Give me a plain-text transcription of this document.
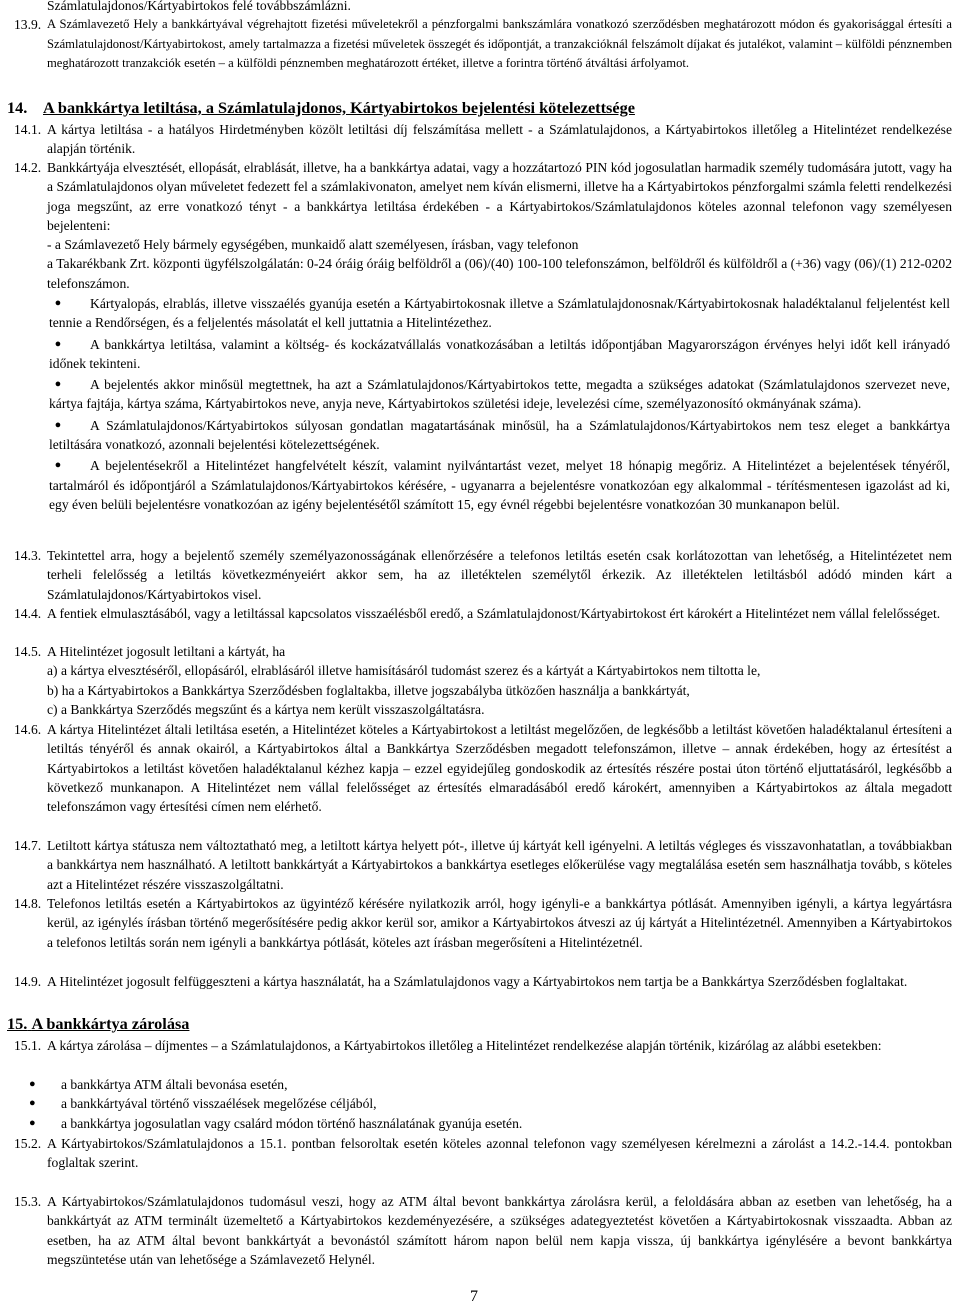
Számlatulajdonos/Kártyabirtokos felé továbbszámlázni.
13.9. A Számlavezető Hely a bankkártyával végrehajtott fizetési műveletekről a pénzforgalmi bankszámlára vonatkozó szerződésben meghatározott módon és gyakorisággal értesíti a Számlatulajdonost/Kártyabirtokost, amely tartalmazza a fizetési műveletek összegét és időpontját, a tranzakcióknál felszámolt díjakat és jutalékot, valamint – külföldi pénznemben meghatározott tranzakciók esetén – a külföldi pénznemben meghatározott értéket, illetve a forintra történő átváltási árfolyamot.
14. A bankkártya letiltása, a Számlatulajdonos, Kártyabirtokos bejelentési kötelezettsége
14.1. A kártya letiltása - a hatályos Hirdetményben közölt letiltási díj felszámítása mellett - a Számlatulajdonos, a Kártyabirtokos illetőleg a Hitelintézet rendelkezése alapján történik.
14.2. Bankkártyája elvesztését, ellopását, elrablását, illetve, ha a bankkártya adatai, vagy a hozzátartozó PIN kód jogosulatlan harmadik személy tudomására jutott, vagy ha a Számlatulajdonos olyan műveletet fedezett fel a számlakivonaton, amelyet nem kíván elismerni, illetve ha a Kártyabirtokos pénzforgalmi számla feletti rendelkezési joga megszűnt, az erre vonatkozó tényt - a bankkártya letiltása érdekében - a Kártyabirtokos/Számlatulajdonos köteles azonnal telefonon vagy személyesen bejelenteni:
- a Számlavezető Hely bármely egységében, munkaidő alatt személyesen, írásban, vagy telefonon
a Takarékbank Zrt. központi ügyfélszolgálatán: 0-24 óráig óráig belföldről a (06)/(40) 100-100 telefonszámon, belföldről és külföldről a (+36) vagy (06)/(1) 212-0202 telefonszámon.
●	Kártyalopás, elrablás, illetve visszaélés gyanúja esetén a Kártyabirtokosnak illetve a Számlatulajdonosnak/Kártyabirtokosnak haladéktalanul feljelentést kell tennie a Rendőrségen, és a feljelentés másolatát el kell juttatnia a Hitelintézethez.
●	A bankkártya letiltása, valamint a költség- és kockázatvállalás vonatkozásában a letiltás időpontjában Magyarországon érvényes helyi időt kell irányadó időnek tekinteni.
●	A bejelentés akkor minősül megtettnek, ha azt a Számlatulajdonos/Kártyabirtokos tette, megadta a szükséges adatokat (Számlatulajdonos szervezet neve, kártya fajtája, kártya száma, Kártyabirtokos neve, anyja neve, Kártyabirtokos születési ideje, levelezési címe, személyazonosító okmányának száma).
●	A Számlatulajdonos/Kártyabirtokos súlyosan gondatlan magatartásának minősül, ha a Számlatulajdonos/Kártyabirtokos nem tesz eleget a bankkártya letiltására vonatkozó, azonnali bejelentési kötelezettségének.
●	A bejelentésekről a Hitelintézet hangfelvételt készít, valamint nyilvántartást vezet, melyet 18 hónapig megőriz. A Hitelintézet a bejelentések tényéről, tartalmáról és időpontjáról a Számlatulajdonos/Kártyabirtokos kérésére, - ugyanarra a bejelentésre vonatkozóan egy alkalommal - térítésmentesen igazolást ad ki, egy éven belüli bejelentésre vonatkozóan az igény bejelentésétől számított 15, egy évnél régebbi bejelentésre vonatkozóan 30 munkanapon belül.
14.3. Tekintettel arra, hogy a bejelentő személy személyazonosságának ellenőrzésére a telefonos letiltás esetén csak korlátozottan van lehetőség, a Hitelintézetet nem terheli felelősség a letiltás következményeiért akkor sem, ha az illetéktelen személytől érkezik. Az illetéktelen letiltásból adódó minden kárt a Számlatulajdonos/Kártyabirtokos visel.
14.4. A fentiek elmulasztásából, vagy a letiltással kapcsolatos visszaélésből eredő, a Számlatulajdonost/Kártyabirtokost ért károkért a Hitelintézet nem vállal felelősséget.
14.5. A Hitelintézet jogosult letiltani a kártyát, ha
a) a kártya elvesztéséről, ellopásáról, elrablásáról illetve hamisításáról tudomást szerez és a kártyát a Kártyabirtokos nem tiltotta le,
b) ha a Kártyabirtokos a Bankkártya Szerződésben foglaltakba, illetve jogszabályba ütközően használja a bankkártyát,
c) a Bankkártya Szerződés megszűnt és a kártya nem került visszaszolgáltatásra.
14.6. A kártya Hitelintézet általi letiltása esetén, a Hitelintézet köteles a Kártyabirtokost a letiltást megelőzően, de legkésőbb a letiltást követően haladéktalanul értesíteni a letiltás tényéről és annak okairól, a Kártyabirtokos által a Bankkártya Szerződésben megadott telefonszámon, illetve – annak érdekében, hogy az értesítést a Kártyabirtokos a letiltást követően haladéktalanul kézhez kapja – ezzel egyidejűleg gondoskodik az értesítés részére postai úton történő eljuttatásáról, legkésőbb a következő munkanapon. A Hitelintézet nem vállal felelősséget az értesítés elmaradásából eredő károkért, amennyiben a Kártyabirtokos az általa megadott telefonszámon vagy értesítési címen nem elérhető.
14.7. Letiltott kártya státusza nem változtatható meg, a letiltott kártya helyett pót-, illetve új kártyát kell igényelni. A letiltás végleges és visszavonhatatlan, a továbbiakban a bankkártya nem használható. A letiltott bankkártyát a Kártyabirtokos a bankkártya esetleges előkerülése vagy megtalálása esetén sem használhatja tovább, s köteles azt a Hitelintézet részére visszaszolgáltatni.
14.8. Telefonos letiltás esetén a Kártyabirtokos az ügyintéző kérésére nyilatkozik arról, hogy igényli-e a bankkártya pótlását. Amennyiben igényli, a kártya legyártásra kerül, az igénylés írásban történő megerősítésére pedig akkor kerül sor, amikor a Kártyabirtokos átveszi az új kártyát a Hitelintézetnél. Amennyiben a Kártyabirtokos a telefonos letiltás során nem igényli a bankkártya pótlását, köteles azt írásban megerősíteni a Hitelintézetnél.
14.9. A Hitelintézet jogosult felfüggeszteni a kártya használatát, ha a Számlatulajdonos vagy a Kártyabirtokos nem tartja be a Bankkártya Szerződésben foglaltakat.
15. A bankkártya zárolása
15.1. A kártya zárolása – díjmentes – a Számlatulajdonos, a Kártyabirtokos illetőleg a Hitelintézet rendelkezése alapján történik, kizárólag az alábbi esetekben:
● a bankkártya ATM általi bevonása esetén,
● a bankkártyával történő visszaélések megelőzése céljából,
● a bankkártya jogosulatlan vagy csalárd módon történő használatának gyanúja esetén.
15.2. A Kártyabirtokos/Számlatulajdonos a 15.1. pontban felsoroltak esetén köteles azonnal telefonon vagy személyesen kérelmezni a zárolást a 14.2.-14.4. pontokban foglaltak szerint.
15.3. A Kártyabirtokos/Számlatulajdonos tudomásul veszi, hogy az ATM által bevont bankkártya zárolásra kerül, a feloldására abban az esetben van lehetőség, ha a bankkártyát az ATM terminált üzemeltető a Kártyabirtokos kezdeményezésére, a szükséges adategyeztetést követően a Kártyabirtokosnak visszaadta. Abban az esetben, ha az ATM által bevont bankkártyát a bevonástól számított három napon belül nem kapja vissza, új bankkártya igénylésére a bevont bankkártya megszüntetése után van lehetősége a Számlavezető Helynél.
7
